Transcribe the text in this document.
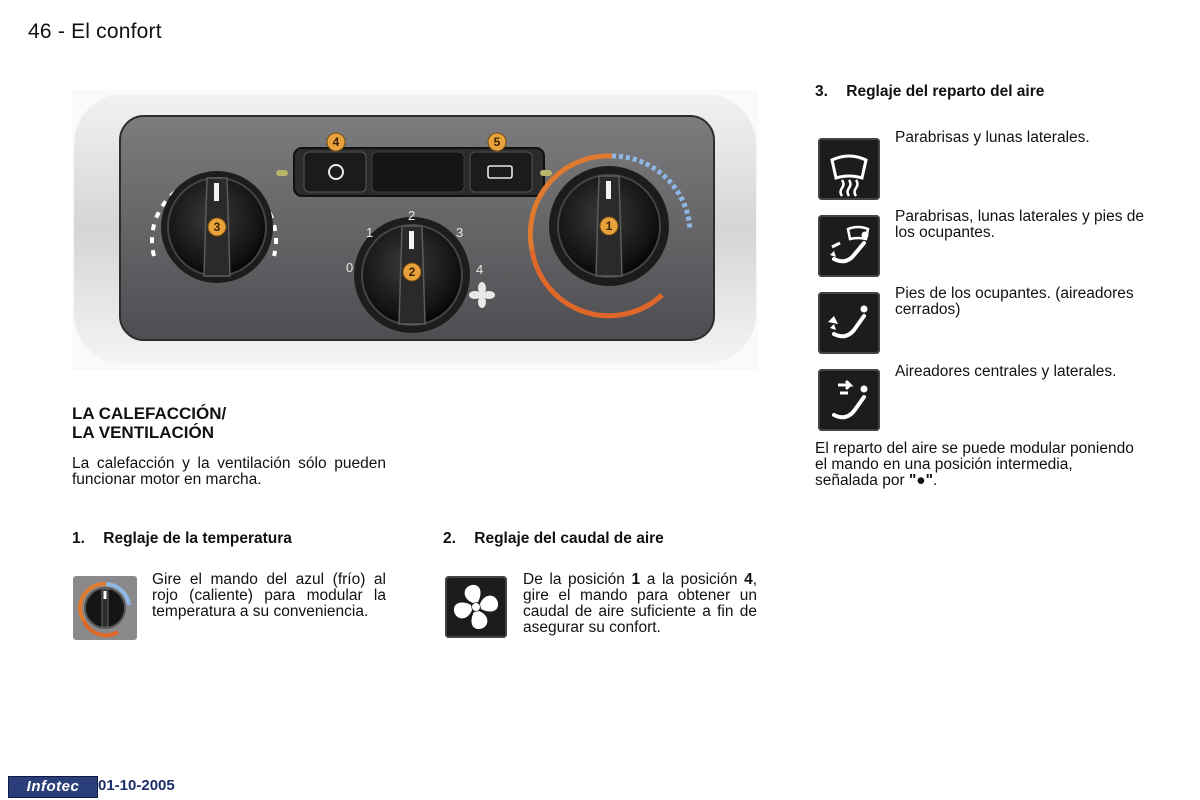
46 - El confort
0
1
2
3
4
4	5
3
2
1
LA CALEFACCIÓN/
LA VENTILACIÓN
La calefacción y la ventilación sólo pueden funcionar motor en marcha.
1. Reglaje de la temperatura
Gire el mando del azul (frío) al rojo (caliente) para modular la temperatura a su conveniencia.
2. Reglaje del caudal de aire
De la posición 1 a la posición 4, gire el mando para obtener un caudal de aire suficiente a fin de asegurar su confort.
3. Reglaje del reparto del aire
Parabrisas y lunas laterales.
Parabrisas, lunas laterales y pies de los ocupantes.
Pies de los ocupantes. (aireadores cerrados)
Aireadores centrales y laterales.
El reparto del aire se puede modular poniendo el mando en una posición intermedia, señalada por "●".
Infotec	01-10-2005
